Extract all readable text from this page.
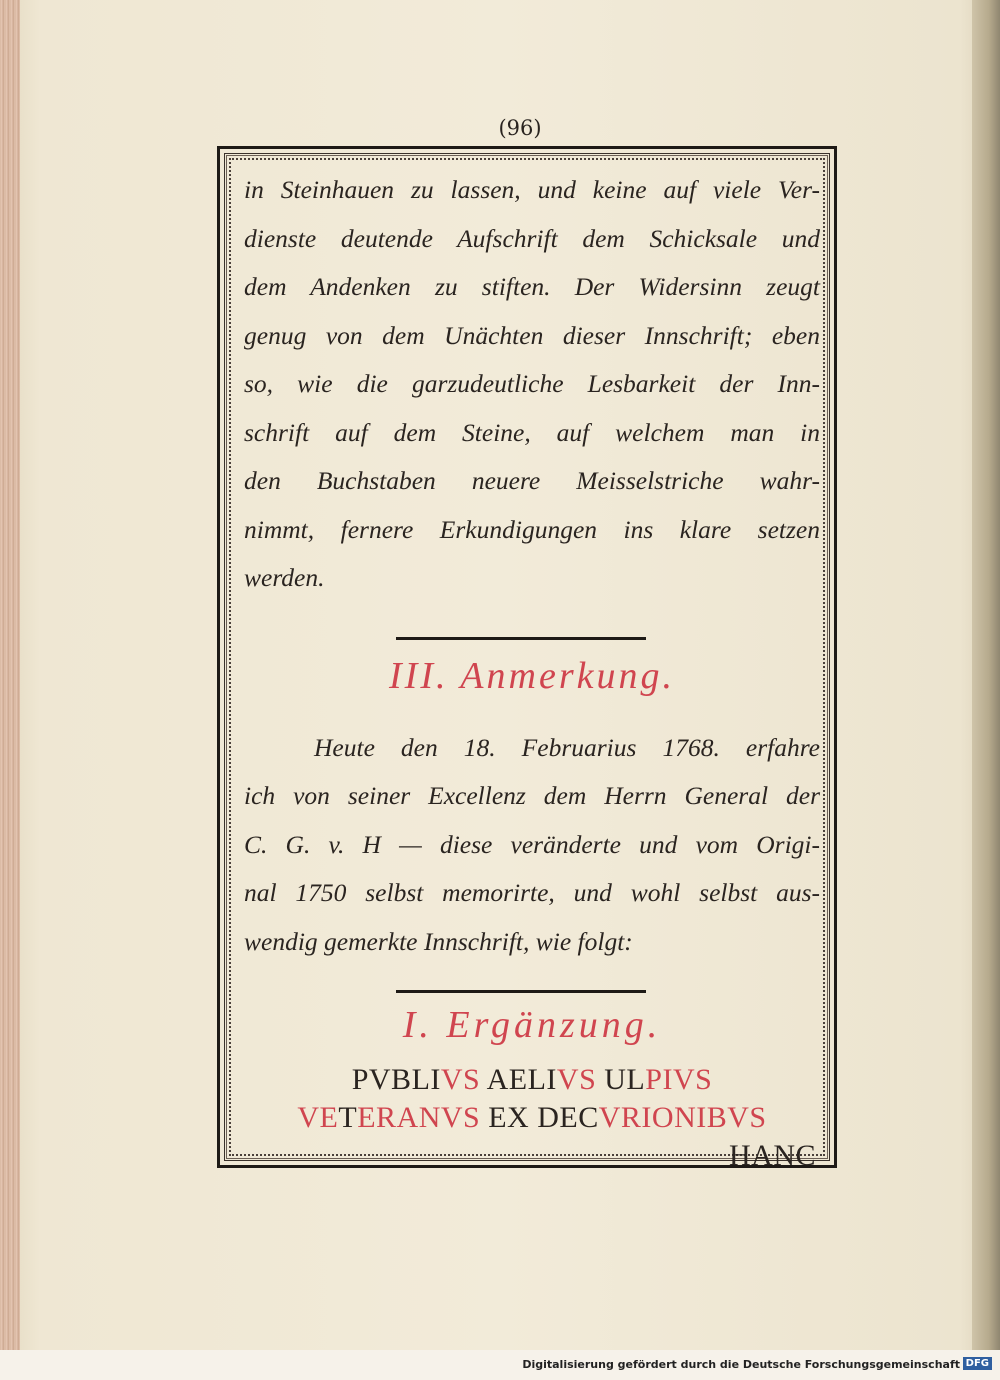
(96)
in Steinhauen zu lassen, und keine auf viele Ver-
dienste deutende Aufschrift dem Schicksale und
dem Andenken zu stiften. Der Widersinn zeugt
genug von dem Unächten dieser Innschrift; eben
so, wie die garzudeutliche Lesbarkeit der Inn-
schrift auf dem Steine, auf welchem man in
den Buchstaben neuere Meisselstriche wahr-
nimmt, fernere Erkundigungen ins klare setzen
werden.
III. Anmerkung.
Heute den 18. Februarius 1768. erfahre
ich von seiner Excellenz dem Herrn General der
C. G. v. H — diese veränderte und vom Origi-
nal 1750 selbst memorirte, und wohl selbst aus-
wendig gemerkte Innschrift, wie folgt:
I. Ergänzung.
PVBLIVS AELIVS ULPIVS
VETERANVS EX DECVRIONIBVS
HANC
Digitalisierung gefördert durch die Deutsche Forschungsgemeinschaft DFG
